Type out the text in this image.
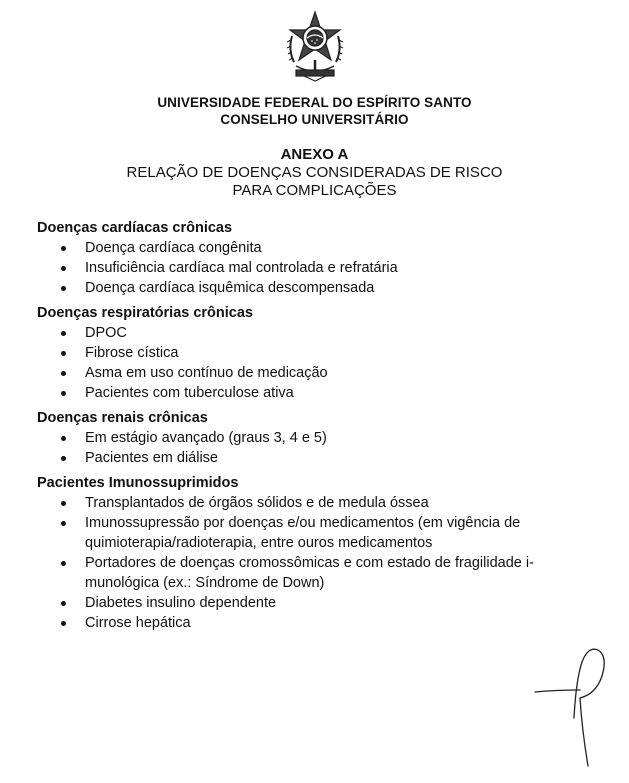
UNIVERSIDADE FEDERAL DO ESPÍRITO SANTO
CONSELHO UNIVERSITÁRIO
ANEXO A
RELAÇÃO DE DOENÇAS CONSIDERADAS DE RISCO
PARA COMPLICAÇÕES
Doenças cardíacas crônicas
Doença cardíaca congênita
Insuficiência cardíaca mal controlada e refratária
Doença cardíaca isquêmica descompensada
Doenças respiratórias crônicas
DPOC
Fibrose cística
Asma em uso contínuo de medicação
Pacientes com tuberculose ativa
Doenças renais crônicas
Em estágio avançado (graus 3, 4 e 5)
Pacientes em diálise
Pacientes Imunossuprimidos
Transplantados de órgãos sólidos e de medula óssea
Imunossupressão por doenças e/ou medicamentos (em vigência de quimioterapia/radioterapia, entre ouros medicamentos
Portadores de doenças cromossômicas e com estado de fragilidade i-munológica (ex.: Síndrome de Down)
Diabetes insulino dependente
Cirrose hepática
